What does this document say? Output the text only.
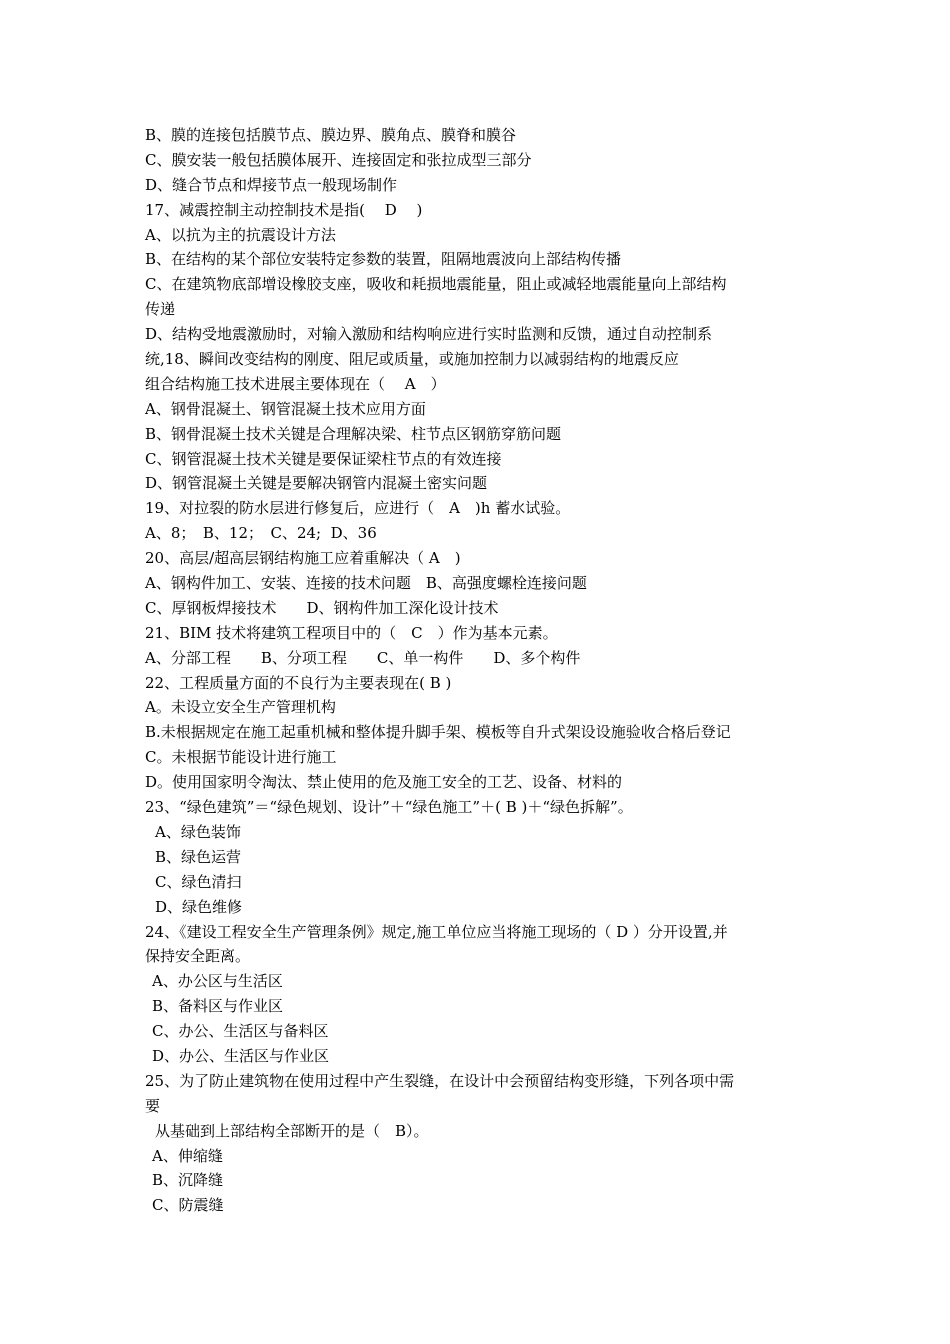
B、膜的连接包括膜节点、膜边界、膜角点、膜脊和膜谷
C、膜安装一般包括膜体展开、连接固定和张拉成型三部分
D、缝合节点和焊接节点一般现场制作
17、减震控制主动控制技术是指(　 D　 )
A、以抗为主的抗震设计方法
B、在结构的某个部位安装特定参数的装置，阻隔地震波向上部结构传播
C、在建筑物底部增设橡胶支座，吸收和耗损地震能量，阻止或减轻地震能量向上部结构
传递
D、结构受地震激励时，对输入激励和结构响应进行实时监测和反馈，通过自动控制系
统,18、瞬间改变结构的刚度、阻尼或质量，或施加控制力以减弱结构的地震反应
组合结构施工技术进展主要体现在（　 A　）
A、钢骨混凝土、钢管混凝土技术应用方面
B、钢骨混凝土技术关键是合理解决梁、柱节点区钢筋穿筋问题
C、钢管混凝土技术关键是要保证梁柱节点的有效连接
D、钢管混凝土关键是要解决钢管内混凝土密实问题
19、对拉裂的防水层进行修复后，应进行（　A　)h 蓄水试验。
A、8；　B、12；　C、24;  D、36
20、高层/超高层钢结构施工应着重解决（ A　)
A、钢构件加工、安装、连接的技术问题　B、高强度螺栓连接问题
C、厚钢板焊接技术　　D、钢构件加工深化设计技术
21、BIM 技术将建筑工程项目中的（　C　）作为基本元素。
A、分部工程　　B、分项工程　　C、单一构件　　D、多个构件
22、工程质量方面的不良行为主要表现在( B )
A。未设立安全生产管理机构
B.未根据规定在施工起重机械和整体提升脚手架、模板等自升式架设设施验收合格后登记
C。未根据节能设计进行施工
D。使用国家明令淘汰、禁止使用的危及施工安全的工艺、设备、材料的
23、“绿色建筑”＝“绿色规划、设计”＋“绿色施工”＋( B )＋“绿色拆解”。
A、绿色装饰
B、绿色运营
C、绿色清扫
D、绿色维修
24、《建设工程安全生产管理条例》规定,施工单位应当将施工现场的（ D ）分开设置,并
保持安全距离。
A、办公区与生活区
B、备料区与作业区
C、办公、生活区与备料区
D、办公、生活区与作业区
25、为了防止建筑物在使用过程中产生裂缝，在设计中会预留结构变形缝，下列各项中需
要
从基础到上部结构全部断开的是（　B）。
A、伸缩缝
B、沉降缝
C、防震缝
